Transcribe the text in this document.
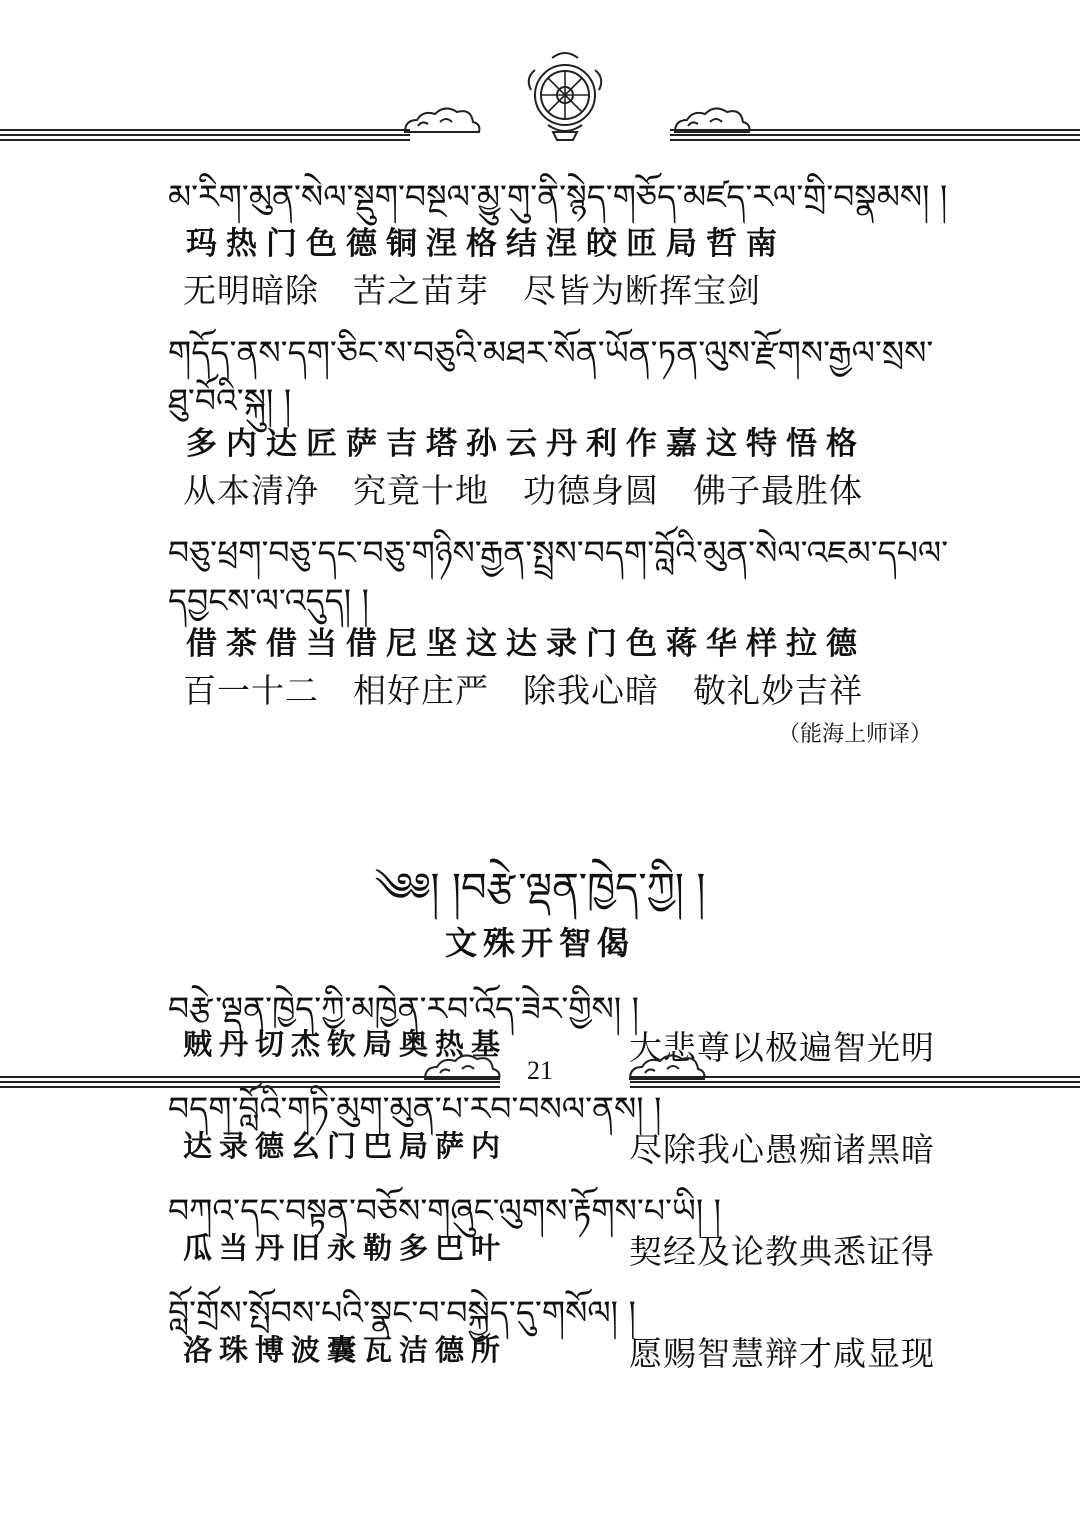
མ་རིག་མུན་སེལ་སྡུག་བསྔལ་མྱུ་གུ་ནི་སྙེད་གཅོད་མཛད་རལ་གྲི་བསྣམས། །
玛热门色德铜涅格结涅皎匝局哲南
无明暗除　苦之苗芽　尽皆为断挥宝剑
གདོད་ནས་དག་ཅིང་ས་བཅུའི་མཐར་སོན་ཡོན་ཏན་ལུས་རྫོགས་རྒྱལ་སྲས་
ཐུ་བོའི་སྐུ། །
多内达匠萨吉塔孙云丹利作嘉这特悟格
从本清净　究竟十地　功德身圆　佛子最胜体
བཅུ་ཕྲག་བཅུ་དང་བཅུ་གཉིས་རྒྱན་སྤྲས་བདག་བློའི་མུན་སེལ་འཇམ་དཔལ་
དབྱངས་ལ་འདུད། །
借茶借当借尼坚这达录门色蒋华样拉德
百一十二　相好庄严　除我心暗　敬礼妙吉祥
（能海上师译）
༄༅། །བརྩེ་ལྡན་ཁྱེད་ཀྱི། །
文殊开智偈
བརྩེ་ལྡན་ཁྱེད་ཀྱི་མཁྱེན་རབ་འོད་ཟེར་གྱིས། །
贼丹切杰钦局奥热基	大悲尊以极遍智光明
བདག་བློའི་གཏི་མུག་མུན་པ་རབ་བསལ་ནས། །
达录德幺门巴局萨内	尽除我心愚痴诸黑暗
བཀའ་དང་བསྟན་བཅོས་གཞུང་ལུགས་རྟོགས་པ་ཡི། །
瓜当丹旧永勒多巴叶	契经及论教典悉证得
བློ་གྲོས་སྤོབས་པའི་སྣང་བ་བསྐྱེད་དུ་གསོལ། །
洛珠博波囊瓦洁德所	愿赐智慧辩才咸显现
21
